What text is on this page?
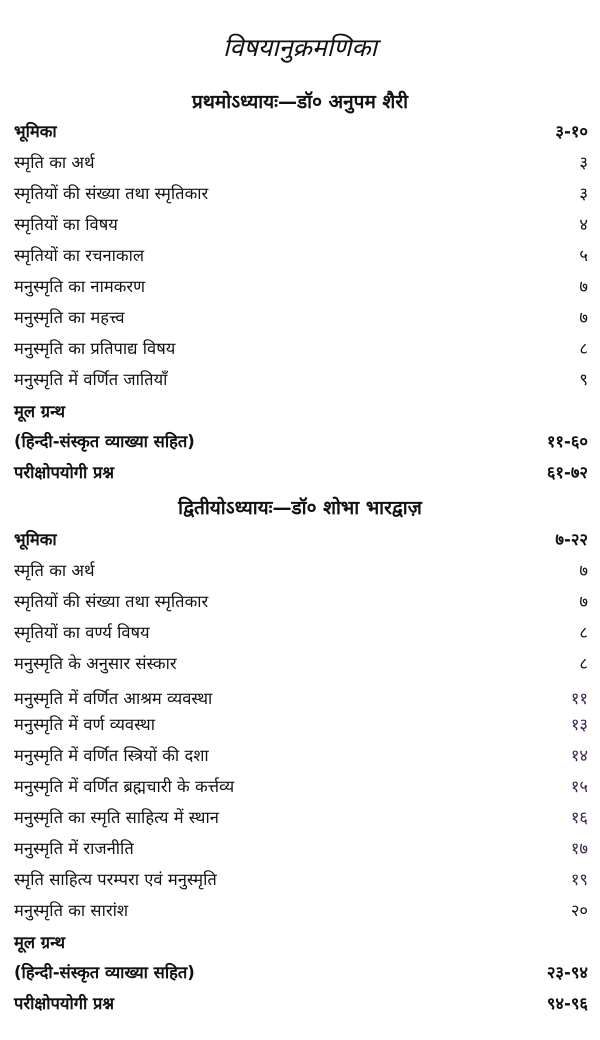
विषयानुक्रमणिका
प्रथमोऽध्यायः—डॉ० अनुपम शैरी
भूमिका	३-१०
स्मृति का अर्थ	३
स्मृतियों की संख्या तथा स्मृतिकार	३
स्मृतियों का विषय	४
स्मृतियों का रचनाकाल	५
मनुस्मृति का नामकरण	७
मनुस्मृति का महत्त्व	७
मनुस्मृति का प्रतिपाद्य विषय	८
मनुस्मृति में वर्णित जातियाँ	९
मूल ग्रन्थ
(हिन्दी-संस्कृत व्याख्या सहित)	११-६०
परीक्षोपयोगी प्रश्न	६१-७२
द्वितीयोऽध्यायः—डॉ० शोभा भारद्वाज़
भूमिका	७-२२
स्मृति का अर्थ	७
स्मृतियों की संख्या तथा स्मृतिकार	७
स्मृतियों का वर्ण्य विषय	८
मनुस्मृति के अनुसार संस्कार	८
मनुस्मृति में वर्णित आश्रम व्यवस्था	११
मनुस्मृति में वर्ण व्यवस्था	१३
मनुस्मृति में वर्णित स्त्रियों की दशा	१४
मनुस्मृति में वर्णित ब्रह्मचारी के कर्त्तव्य	१५
मनुस्मृति का स्मृति साहित्य में स्थान	१६
मनुस्मृति में राजनीति	१७
स्मृति साहित्य परम्परा एवं मनुस्मृति	१९
मनुस्मृति का सारांश	२०
मूल ग्रन्थ
(हिन्दी-संस्कृत व्याख्या सहित)	२३-९४
परीक्षोपयोगी प्रश्न	९४-९६
